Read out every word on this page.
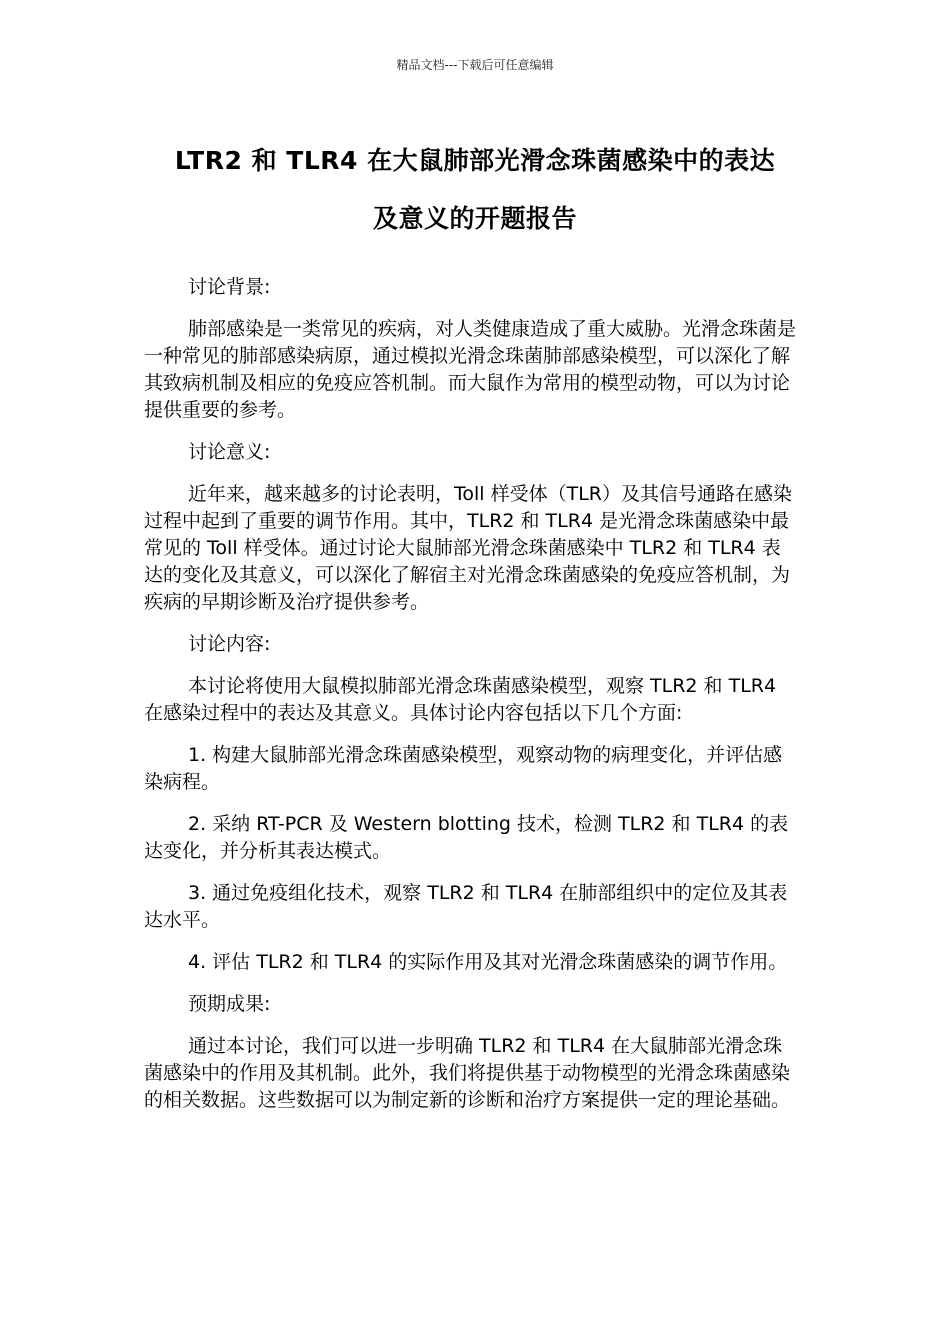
精品文档---下载后可任意编辑
LTR2 和 TLR4 在大鼠肺部光滑念珠菌感染中的表达
及意义的开题报告

讨论背景:

肺部感染是一类常见的疾病，对人类健康造成了重大威胁。光滑念珠菌是一种常见的肺部感染病原，通过模拟光滑念珠菌肺部感染模型，可以深化了解其致病机制及相应的免疫应答机制。而大鼠作为常用的模型动物，可以为讨论提供重要的参考。

讨论意义:

近年来，越来越多的讨论表明，Toll 样受体（TLR）及其信号通路在感染过程中起到了重要的调节作用。其中，TLR2 和 TLR4 是光滑念珠菌感染中最常见的 Toll 样受体。通过讨论大鼠肺部光滑念珠菌感染中 TLR2 和 TLR4 表达的变化及其意义，可以深化了解宿主对光滑念珠菌感染的免疫应答机制，为疾病的早期诊断及治疗提供参考。

讨论内容:

本讨论将使用大鼠模拟肺部光滑念珠菌感染模型，观察 TLR2 和 TLR4 在感染过程中的表达及其意义。具体讨论内容包括以下几个方面:

1. 构建大鼠肺部光滑念珠菌感染模型，观察动物的病理变化，并评估感染病程。

2. 采纳 RT-PCR 及 Western blotting 技术，检测 TLR2 和 TLR4 的表达变化，并分析其表达模式。

3. 通过免疫组化技术，观察 TLR2 和 TLR4 在肺部组织中的定位及其表达水平。

4. 评估 TLR2 和 TLR4 的实际作用及其对光滑念珠菌感染的调节作用。

预期成果:

通过本讨论，我们可以进一步明确 TLR2 和 TLR4 在大鼠肺部光滑念珠菌感染中的作用及其机制。此外，我们将提供基于动物模型的光滑念珠菌感染的相关数据。这些数据可以为制定新的诊断和治疗方案提供一定的理论基础。
